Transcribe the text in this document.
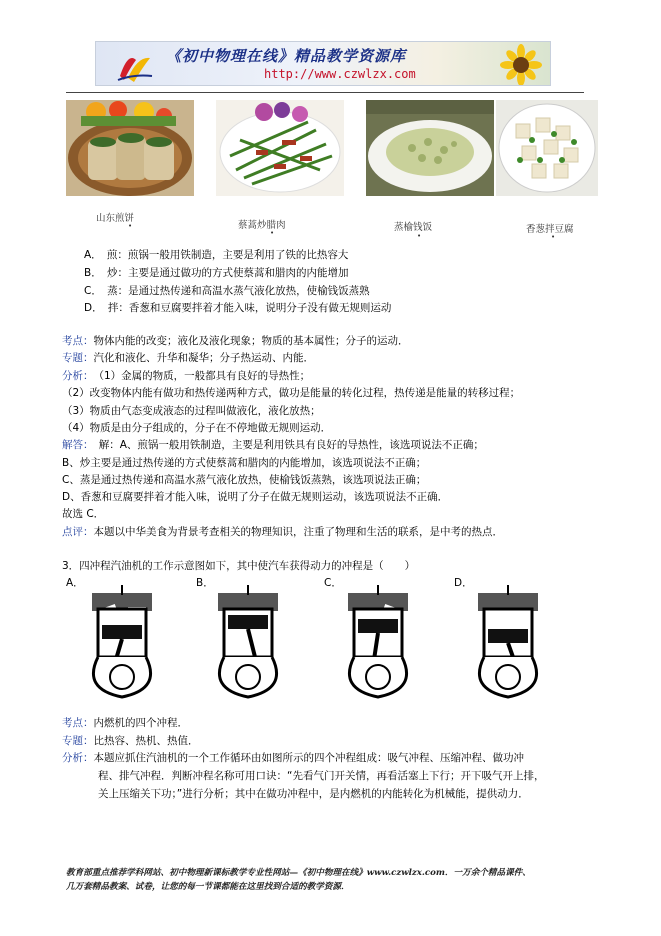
《初中物理在线》精品教学资源库
http://www.czwlzx.com
山东煎饼
•	蔡蒿炒腊肉
•	蒸榆钱饭
•
香葱拌豆腐
•
A．　煎：煎锅一般用铁制造，主要是利用了铁的比热容大
B．　炒：主要是通过做功的方式使蔡蒿和腊肉的内能增加
C．　蒸：是通过热传递和高温水蒸气液化放热，使榆钱饭蒸熟
D．　拌：香葱和豆腐要拌着才能入味，说明分子没有做无规则运动
考点：物体内能的改变；液化及液化现象；物质的基本属性；分子的运动．
专题：汽化和液化、升华和凝华；分子热运动、内能．
分析：　（1）金属的物质，一般都具有良好的导热性；
（2）改变物体内能有做功和热传递两种方式，做功是能量的转化过程，热传递是能量的转移过程；
（3）物质由气态变成液态的过程叫做液化，液化放热；
（4）物质是由分子组成的，分子在不停地做无规则运动．
解答：　解：A、煎锅一般用铁制造，主要是利用铁具有良好的导热性，该选项说法不正确；
B、炒主要是通过热传递的方式使蔡蒿和腊肉的内能增加，该选项说法不正确；
C、蒸是通过热传递和高温水蒸气液化放热，使榆钱饭蒸熟，该选项说法正确；
D、香葱和豆腐要拌着才能入味，说明了分子在做无规则运动，该选项说法不正确．
故选 C．
点评：本题以中华美食为背景考查相关的物理知识，注重了物理和生活的联系，是中考的热点．
3．四冲程汽油机的工作示意图如下，其中使汽车获得动力的冲程是（　　）
A．	B．	C．	D．
考点：内燃机的四个冲程．
专题：比热容、热机、热值．
分析：本题应抓住汽油机的一个工作循环由如图所示的四个冲程组成：吸气冲程、压缩冲程、做功冲
程、排气冲程．判断冲程名称可用口诀：“先看气门开关情，再看活塞上下行；开下吸气开上排，
关上压缩关下功；”进行分析；其中在做功冲程中，是内燃机的内能转化为机械能，提供动力．
教育部重点推荐学科网站、初中物理新课标教学专业性网站—《初中物理在线》www.czwlzx.com．一万余个精品课件、
几万套精品教案、试卷，让您的每一节课都能在这里找到合适的教学资源．
